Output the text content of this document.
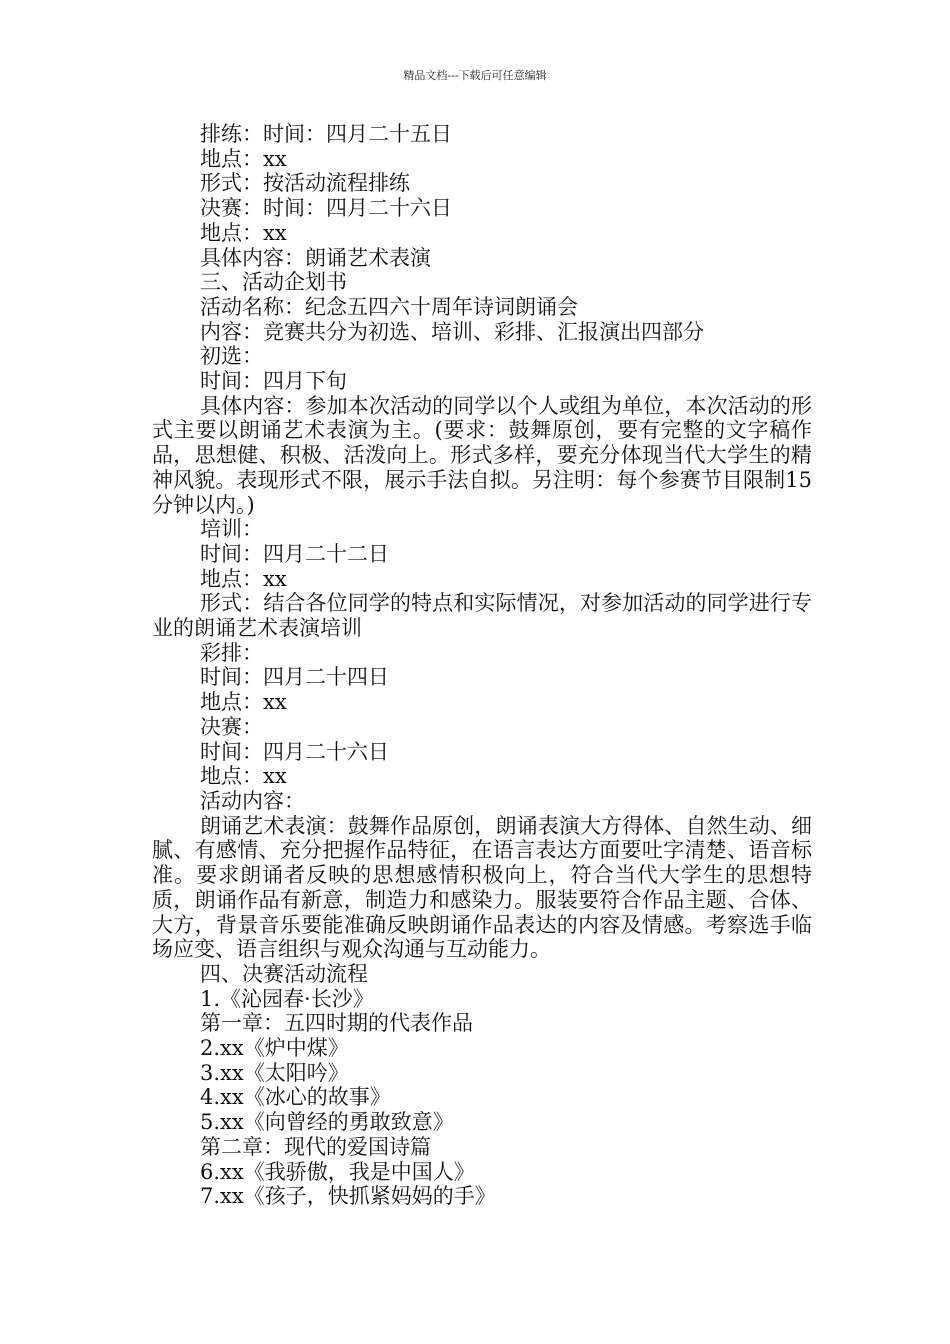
精品文档---下载后可任意编辑
排练：时间：四月二十五日
地点：xx
形式：按活动流程排练
决赛：时间：四月二十六日
地点：xx
具体内容：朗诵艺术表演
三、活动企划书
活动名称：纪念五四六十周年诗词朗诵会
内容：竞赛共分为初选、培训、彩排、汇报演出四部分
初选：
时间：四月下旬
具体内容：参加本次活动的同学以个人或组为单位，本次活动的形式主要以朗诵艺术表演为主。(要求：鼓舞原创，要有完整的文字稿作品，思想健、积极、活泼向上。形式多样，要充分体现当代大学生的精神风貌。表现形式不限，展示手法自拟。另注明：每个参赛节目限制15分钟以内。)
培训：
时间：四月二十二日
地点：xx
形式：结合各位同学的特点和实际情况，对参加活动的同学进行专业的朗诵艺术表演培训
彩排：
时间：四月二十四日
地点：xx
决赛：
时间：四月二十六日
地点：xx
活动内容：
朗诵艺术表演：鼓舞作品原创，朗诵表演大方得体、自然生动、细腻、有感情、充分把握作品特征，在语言表达方面要吐字清楚、语音标准。要求朗诵者反映的思想感情积极向上，符合当代大学生的思想特质，朗诵作品有新意，制造力和感染力。服装要符合作品主题、合体、大方，背景音乐要能准确反映朗诵作品表达的内容及情感。考察选手临场应变、语言组织与观众沟通与互动能力。
四、决赛活动流程
1.《沁园春·长沙》
第一章：五四时期的代表作品
2.xx《炉中煤》
3.xx《太阳吟》
4.xx《冰心的故事》
5.xx《向曾经的勇敢致意》
第二章：现代的爱国诗篇
6.xx《我骄傲，我是中国人》
7.xx《孩子，快抓紧妈妈的手》
